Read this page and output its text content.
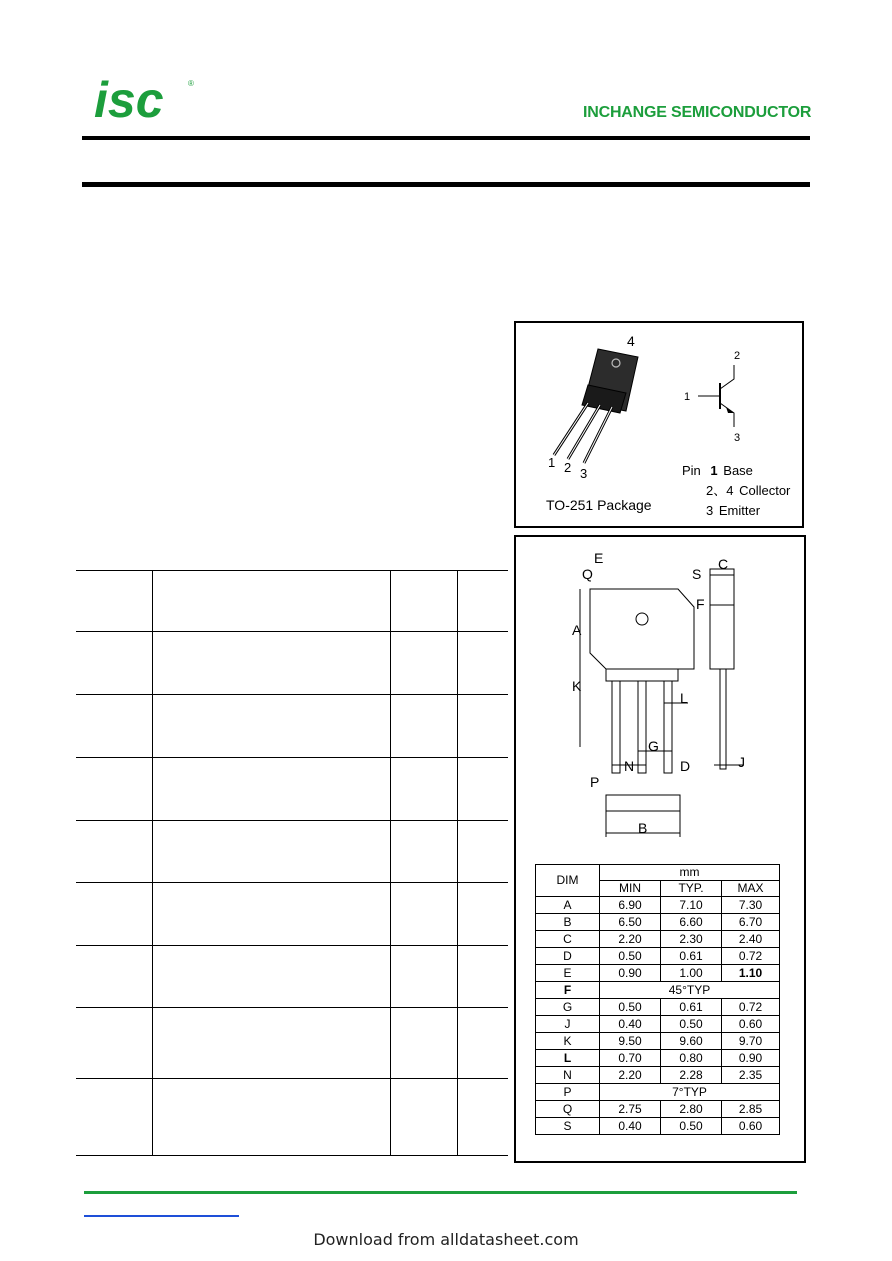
isc	®
INCHANGE SEMICONDUCTOR
4
1 2 3
TO-251 Package
2
1
3
Pin 1 Base
2、4 Collector
3 Emitter

E
Q	S
C
F
A
K
L
G
N	D	J
P
B
DIM	mm		
	MIN	TYP.	MAX
A	6.90	7.10	7.30
B	6.50	6.60	6.70
C	2.20	2.30	2.40
D	0.50	0.61	0.72
E	0.90	1.00	1.10
F	45°TYP		
G	0.50	0.61	0.72
J	0.40	0.50	0.60
K	9.50	9.60	9.70
L	0.70	0.80	0.90
N	2.20	2.28	2.35
P	7°TYP		
Q	2.75	2.80	2.85
S	0.40	0.50	0.60
Download from alldatasheet.com
